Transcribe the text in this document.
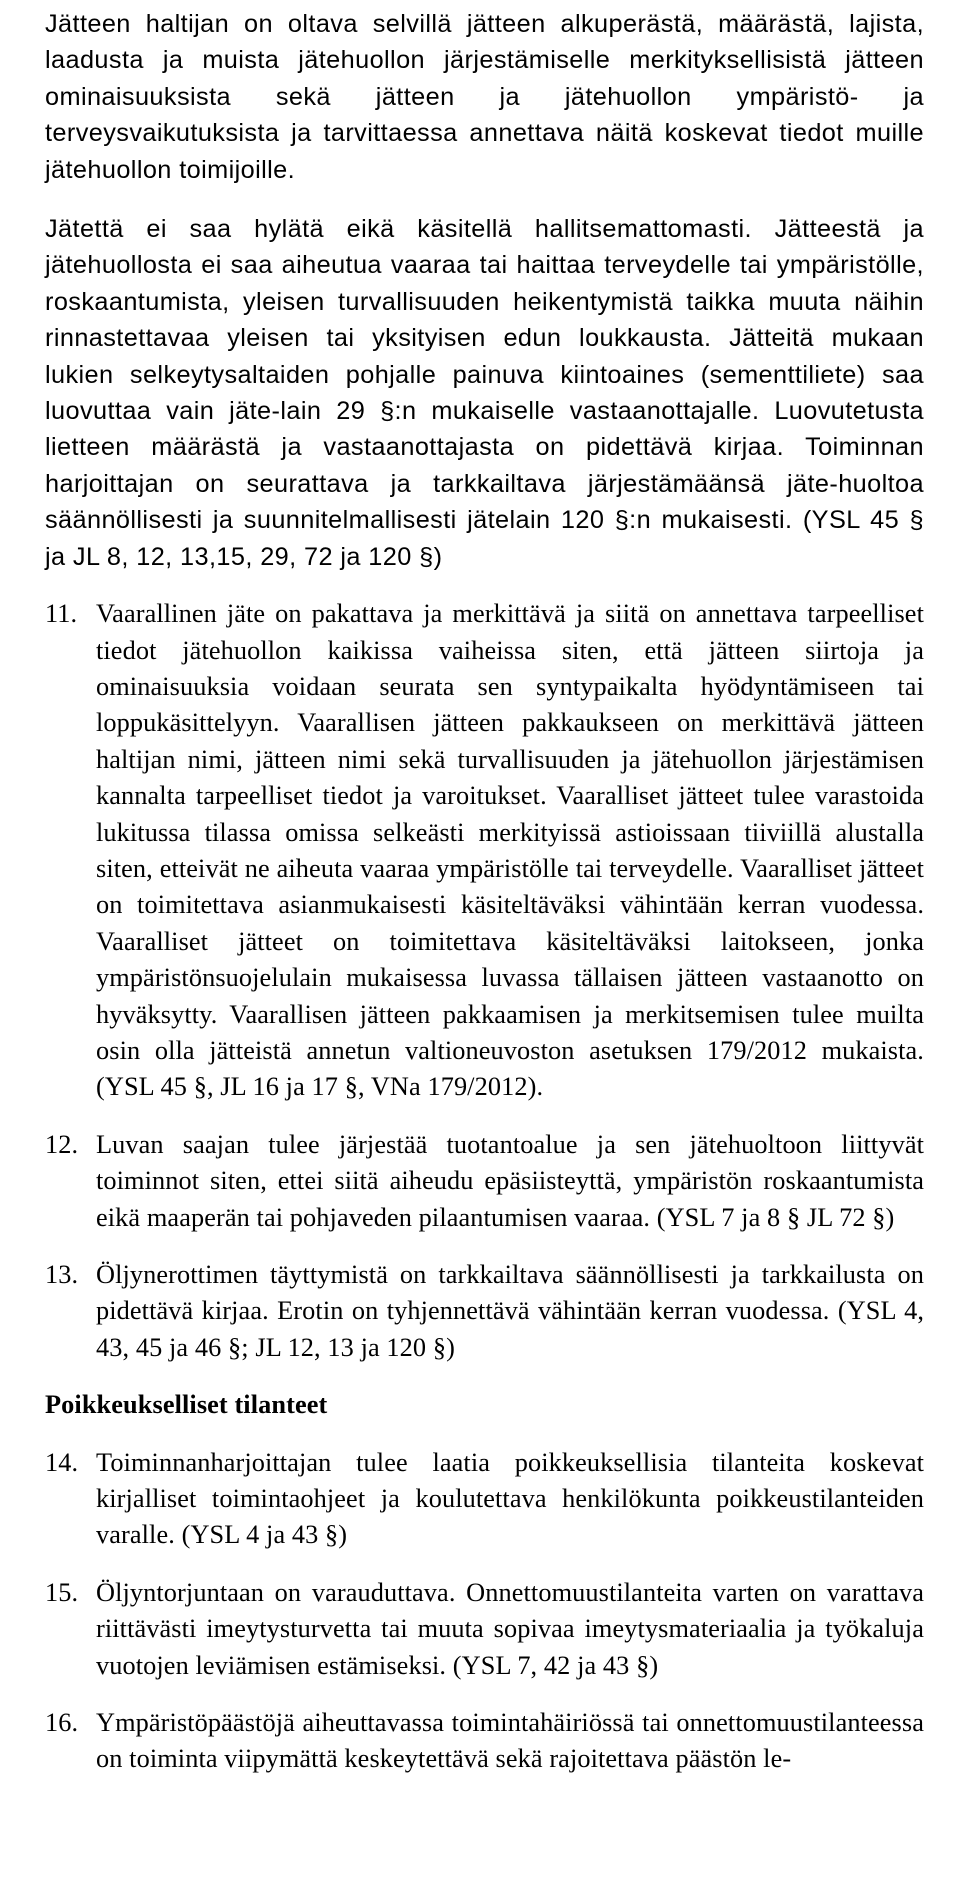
Jätteen haltijan on oltava selvillä jätteen alkuperästä, määrästä, lajista, laadusta ja muista jätehuollon järjestämiselle merkityksellisistä jätteen ominaisuuksista sekä jätteen ja jätehuollon ympäristö- ja terveysvaikutuksista ja tarvittaessa annettava näitä koskevat tiedot muille jätehuollon toimijoille.

Jätettä ei saa hylätä eikä käsitellä hallitsemattomasti. Jätteestä ja jätehuollosta ei saa aiheutua vaaraa tai haittaa terveydelle tai ympäristölle, roskaantumista, yleisen turvallisuuden heikentymistä taikka muuta näihin rinnastettavaa yleisen tai yksityisen edun loukkausta. Jätteitä mukaan lukien selkeytysaltaiden pohjalle painuva kiintoaines (sementtiliete) saa luovuttaa vain jäte-lain 29 §:n mukaiselle vastaanottajalle. Luovutetusta lietteen määrästä ja vastaanottajasta on pidettävä kirjaa. Toiminnan harjoittajan on seurattava ja tarkkailtava järjestämäänsä jäte-huoltoa säännöllisesti ja suunnitelmallisesti jätelain 120 §:n mukaisesti. (YSL 45 § ja JL 8, 12, 13,15, 29, 72 ja 120 §)

11. Vaarallinen jäte on pakattava ja merkittävä ja siitä on annettava tarpeelliset tiedot jätehuollon kaikissa vaiheissa siten, että jätteen siirtoja ja ominaisuuksia voidaan seurata sen syntypaikalta hyödyntämiseen tai loppukäsittelyyn. Vaarallisen jätteen pakkaukseen on merkittävä jätteen haltijan nimi, jätteen nimi sekä turvallisuuden ja jätehuollon järjestämisen kannalta tarpeelliset tiedot ja varoitukset. Vaaralliset jätteet tulee varastoida lukitussa tilassa omissa selkeästi merkityissä astioissaan tiiviillä alustalla siten, etteivät ne aiheuta vaaraa ympäristölle tai terveydelle. Vaaralliset jätteet on toimitettava asianmukaisesti käsiteltäväksi vähintään kerran vuodessa. Vaaralliset jätteet on toimitettava käsiteltäväksi laitokseen, jonka ympäristönsuojelulain mukaisessa luvassa tällaisen jätteen vastaanotto on hyväksytty. Vaarallisen jätteen pakkaamisen ja merkitsemisen tulee muilta osin olla jätteistä annetun valtioneuvoston asetuksen 179/2012 mukaista. (YSL 45 §, JL 16 ja 17 §, VNa 179/2012).

12. Luvan saajan tulee järjestää tuotantoalue ja sen jätehuoltoon liittyvät toiminnot siten, ettei siitä aiheudu epäsiisteyttä, ympäristön roskaantumista eikä maaperän tai pohjaveden pilaantumisen vaaraa. (YSL 7 ja 8 § JL 72 §)

13. Öljynerottimen täyttymistä on tarkkailtava säännöllisesti ja tarkkailusta on pidettävä kirjaa. Erotin on tyhjennettävä vähintään kerran vuodessa. (YSL 4, 43, 45 ja 46 §; JL 12, 13 ja 120 §)

Poikkeukselliset tilanteet
14. Toiminnanharjoittajan tulee laatia poikkeuksellisia tilanteita koskevat kirjalliset toimintaohjeet ja koulutettava henkilökunta poikkeustilanteiden varalle. (YSL 4 ja 43 §)

15. Öljyntorjuntaan on varauduttava. Onnettomuustilanteita varten on varattava riittävästi imeytysturvetta tai muuta sopivaa imeytysmateriaalia ja työkaluja vuotojen leviämisen estämiseksi. (YSL 7, 42 ja 43 §)

16. Ympäristöpäästöjä aiheuttavassa toimintahäiriössä tai onnettomuustilanteessa on toiminta viipymättä keskeytettävä sekä rajoitettava päästön le-
